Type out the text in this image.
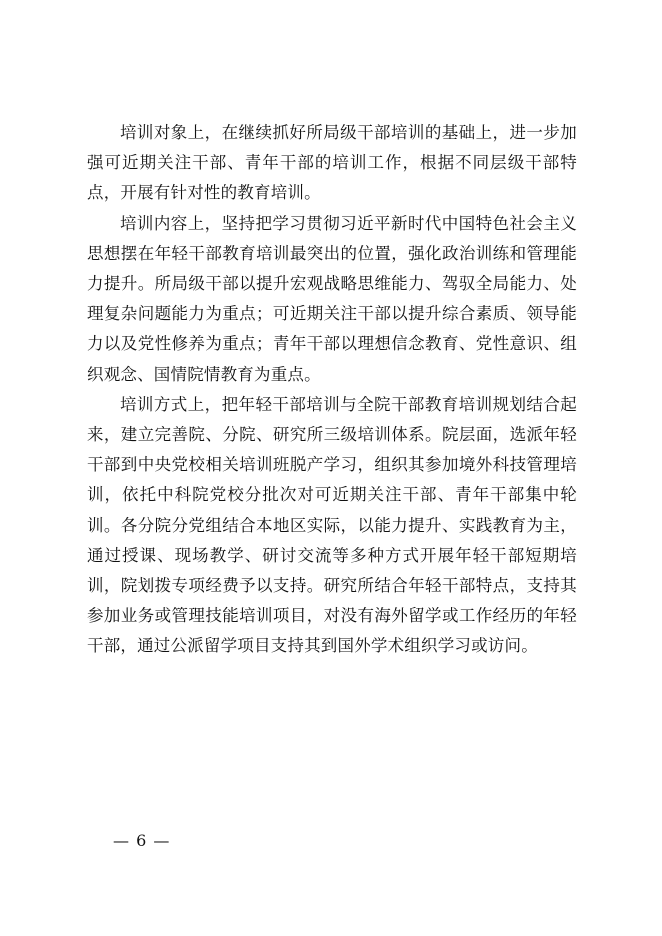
培训对象上，在继续抓好所局级干部培训的基础上，进一步加强可近期关注干部、青年干部的培训工作，根据不同层级干部特点，开展有针对性的教育培训。

培训内容上，坚持把学习贯彻习近平新时代中国特色社会主义思想摆在年轻干部教育培训最突出的位置，强化政治训练和管理能力提升。所局级干部以提升宏观战略思维能力、驾驭全局能力、处理复杂问题能力为重点；可近期关注干部以提升综合素质、领导能力以及党性修养为重点；青年干部以理想信念教育、党性意识、组织观念、国情院情教育为重点。

培训方式上，把年轻干部培训与全院干部教育培训规划结合起来，建立完善院、分院、研究所三级培训体系。院层面，选派年轻干部到中央党校相关培训班脱产学习，组织其参加境外科技管理培训，依托中科院党校分批次对可近期关注干部、青年干部集中轮训。各分院分党组结合本地区实际，以能力提升、实践教育为主，通过授课、现场教学、研讨交流等多种方式开展年轻干部短期培训，院划拨专项经费予以支持。研究所结合年轻干部特点，支持其参加业务或管理技能培训项目，对没有海外留学或工作经历的年轻干部，通过公派留学项目支持其到国外学术组织学习或访问。

— 6 —
